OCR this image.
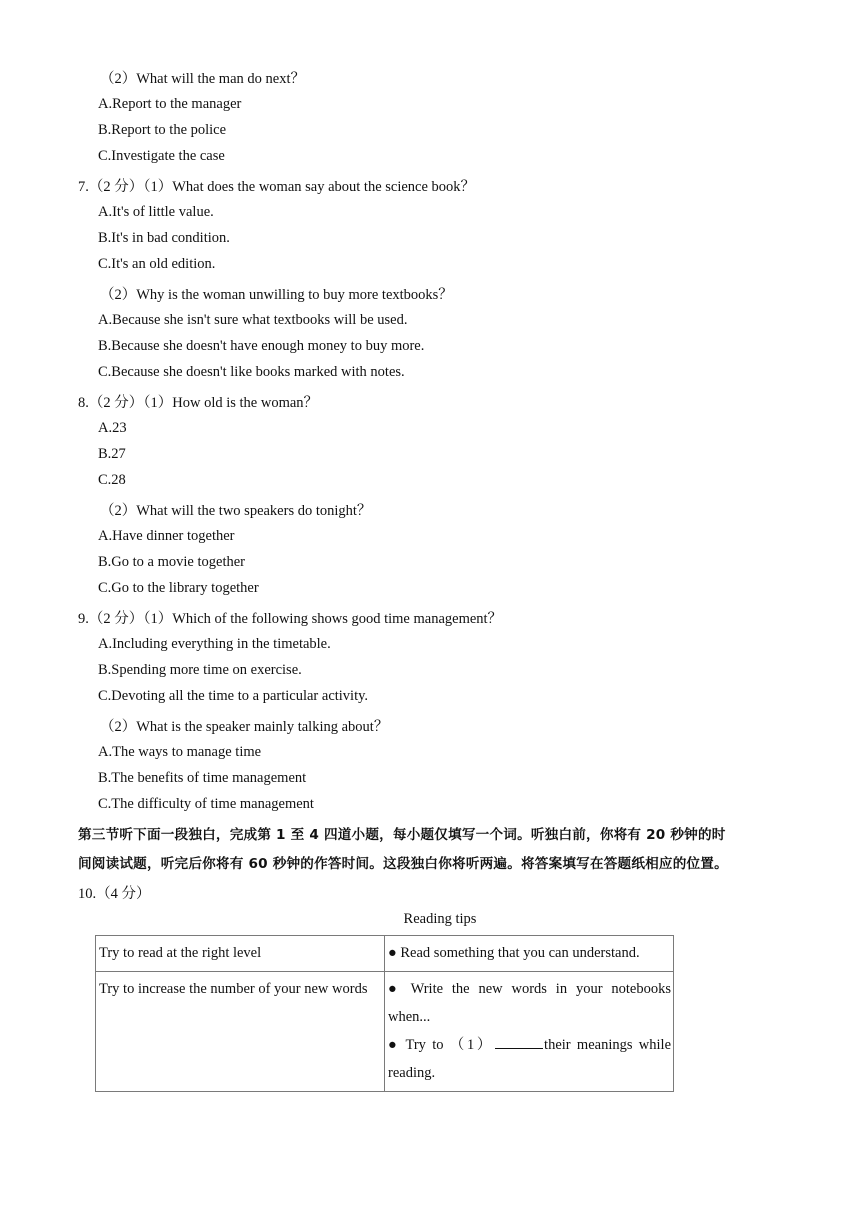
（2）What will the man do next？
A.Report to the manager
B.Report to the police
C.Investigate the case
7.（2 分）（1）What does the woman say about the science book？
A.It's of little value.
B.It's in bad condition.
C.It's an old edition.
（2）Why is the woman unwilling to buy more textbooks？
A.Because she isn't sure what textbooks will be used.
B.Because she doesn't have enough money to buy more.
C.Because she doesn't like books marked with notes.
8.（2 分）（1）How old is the woman？
A.23
B.27
C.28
（2）What will the two speakers do tonight？
A.Have dinner together
B.Go to a movie together
C.Go to the library together
9.（2 分）（1）Which of the following shows good time management？
A.Including everything in the timetable.
B.Spending more time on exercise.
C.Devoting all the time to a particular activity.
（2）What is the speaker mainly talking about？
A.The ways to manage time
B.The benefits of time management
C.The difficulty of time management
第三节听下面一段独白，完成第 1 至 4 四道小题，每小题仅填写一个词。听独白前，你将有 20 秒钟的时
间阅读试题，听完后你将有 60 秒钟的作答时间。这段独白你将听两遍。将答案填写在答题纸相应的位置。
10.（4 分）
Reading tips
Try to read at the right level	● Read something that you can understand.
Try to increase the number of your new words	● Write the new words in your notebooks
when...
● Try to （1） their meanings while
reading.
